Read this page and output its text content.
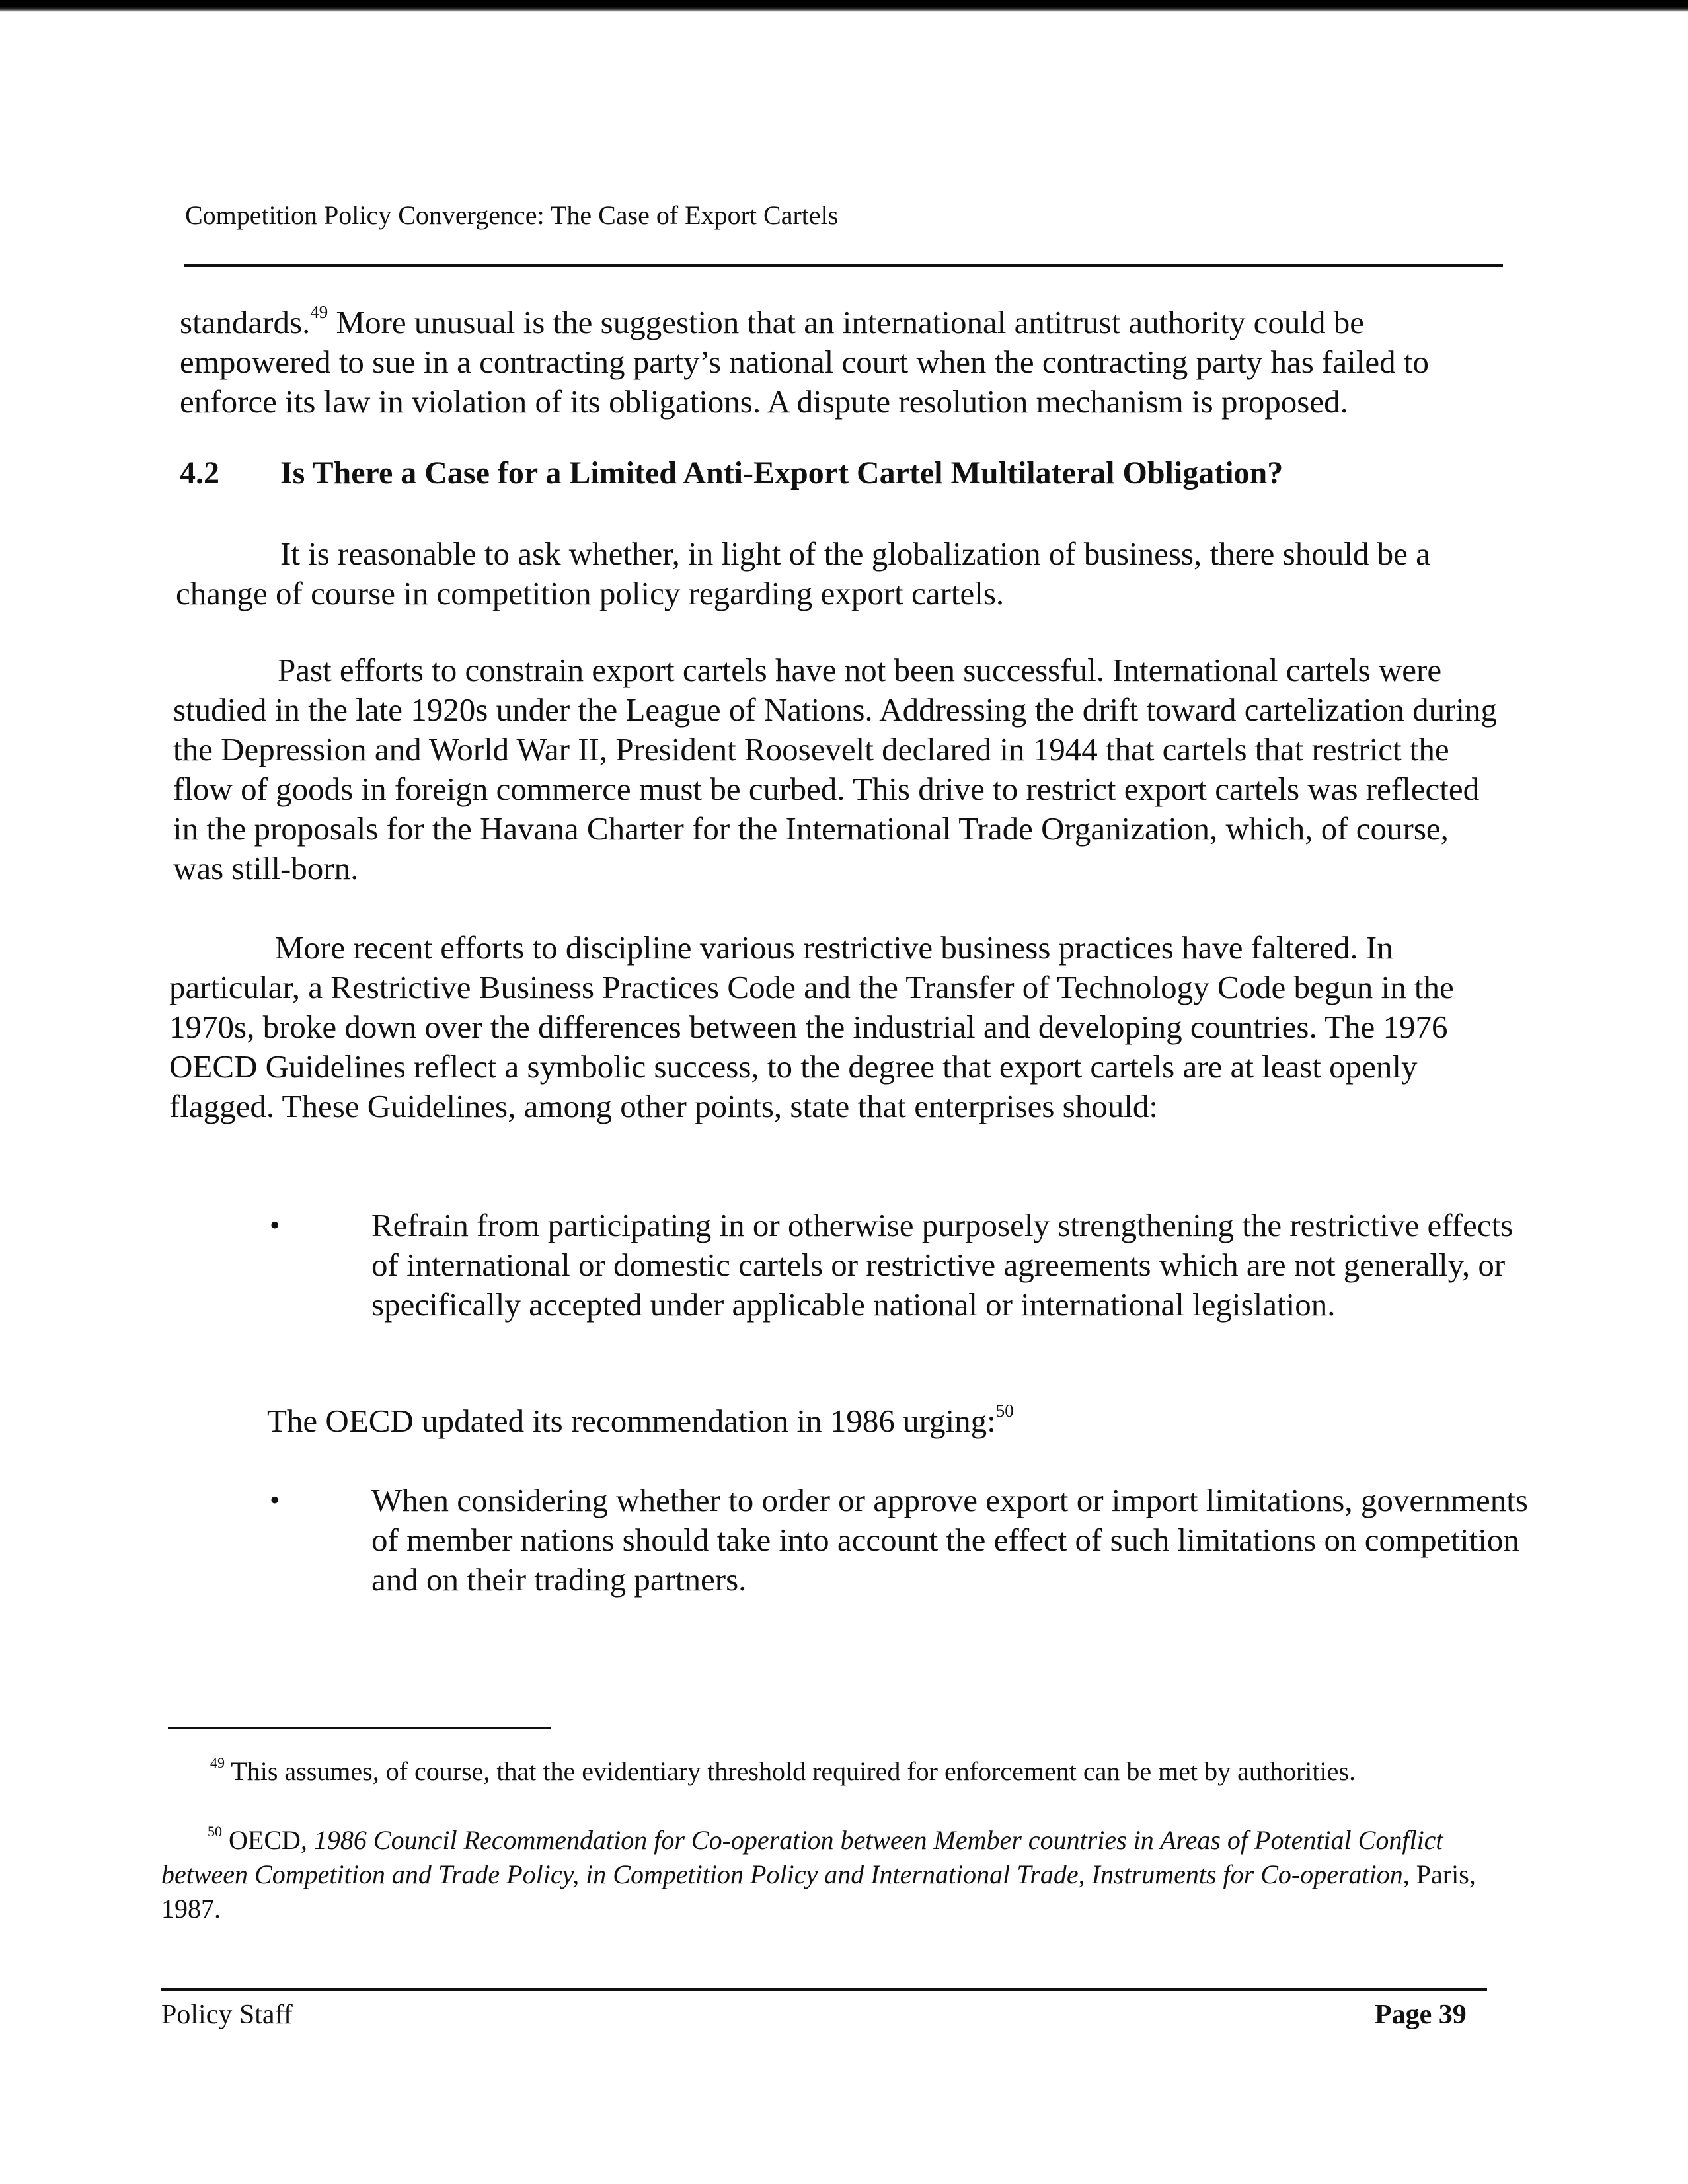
Competition Policy Convergence: The Case of Export Cartels

standards.$^{49}$ More unusual is the suggestion that an international antitrust authority could be empowered to sue in a contracting party’s national court when the contracting party has failed to enforce its law in violation of its obligations. A dispute resolution mechanism is proposed.

4.2 Is There a Case for a Limited Anti-Export Cartel Multilateral Obligation?

It is reasonable to ask whether, in light of the globalization of business, there should be a change of course in competition policy regarding export cartels.

Past efforts to constrain export cartels have not been successful. International cartels were studied in the late 1920s under the League of Nations. Addressing the drift toward cartelization during the Depression and World War II, President Roosevelt declared in 1944 that cartels that restrict the flow of goods in foreign commerce must be curbed. This drive to restrict export cartels was reflected in the proposals for the Havana Charter for the International Trade Organization, which, of course, was still-born.

More recent efforts to discipline various restrictive business practices have faltered. In particular, a Restrictive Business Practices Code and the Transfer of Technology Code begun in the 1970s, broke down over the differences between the industrial and developing countries. The 1976 OECD Guidelines reflect a symbolic success, to the degree that export cartels are at least openly flagged. These Guidelines, among other points, state that enterprises should:

•	Refrain from participating in or otherwise purposely strengthening the restrictive effects of international or domestic cartels or restrictive agreements which are not generally, or specifically accepted under applicable national or international legislation.

The OECD updated its recommendation in 1986 urging:$^{50}$

•	When considering whether to order or approve export or import limitations, governments of member nations should take into account the effect of such limitations on competition and on their trading partners.

$^{49}$ This assumes, of course, that the evidentiary threshold required for enforcement can be met by authorities.

$^{50}$ OECD, 1986 Council Recommendation for Co-operation between Member countries in Areas of Potential Conflict between Competition and Trade Policy, in Competition Policy and International Trade, Instruments for Co-operation, Paris, 1987.

Policy Staff	Page 39
